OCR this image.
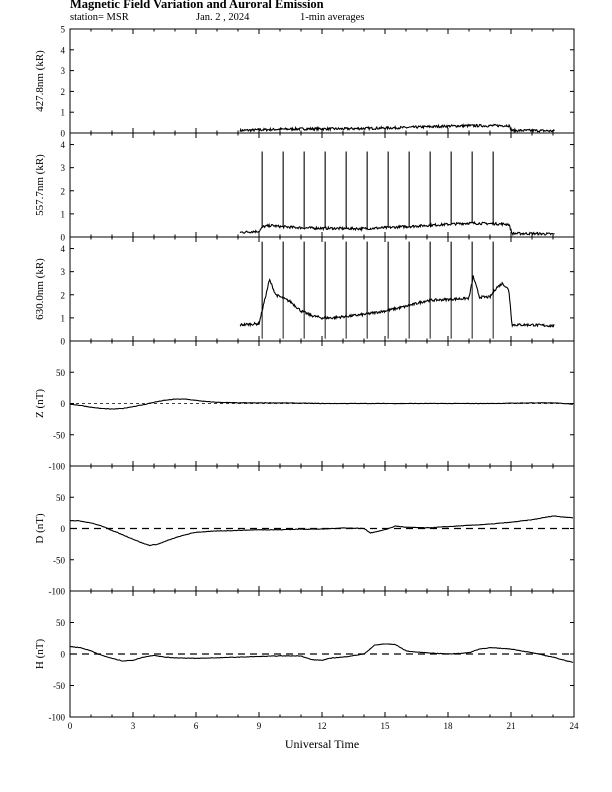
Magnetic Field Variation and Auroral Emission
station= MSR	Jan. 2 , 2024	1-min averages
0
1
2
3
4
5
427.8nm (kR)
0
1
2
3
4
557.7nm (kR)
0
1
2
3
4
630.0nm (kR)
-100
-50
0
50
Z (nT)
-100
-50
0
50
D (nT)
-100
-50
0
50
H (nT)
0	3	6	9	12	15	18	21	24
Universal Time
